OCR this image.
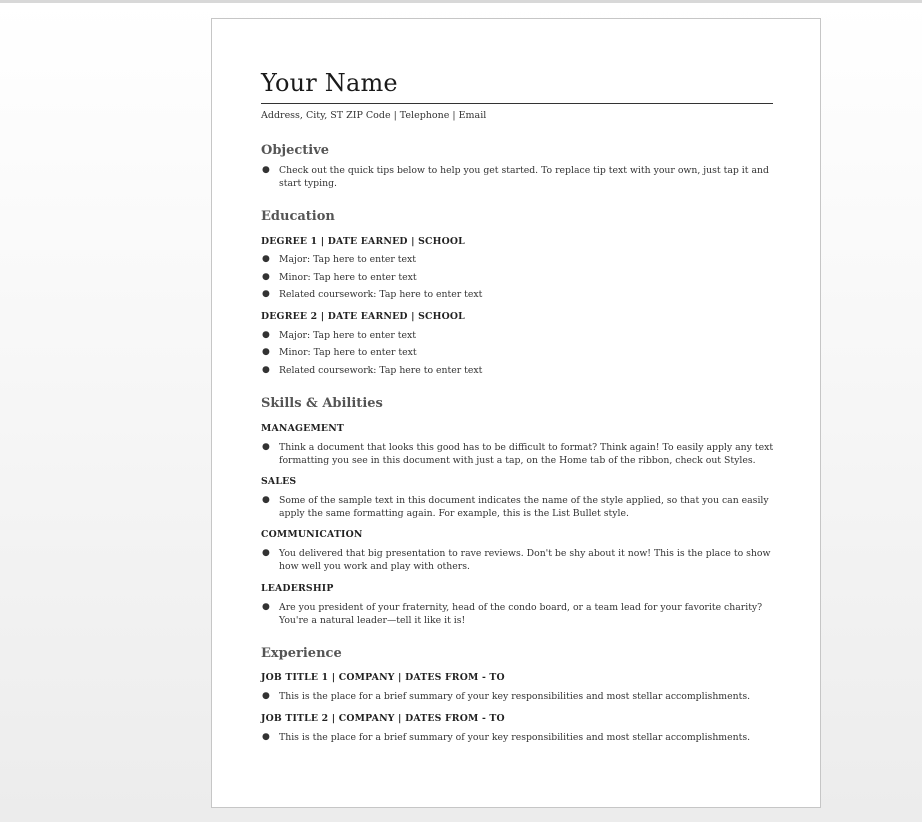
Your Name
Address, City, ST ZIP Code | Telephone | Email
Objective
● Check out the quick tips below to help you get started. To replace tip text with your own, just tap it and start typing.
Education
DEGREE 1 | DATE EARNED | SCHOOL
● Major: Tap here to enter text
● Minor: Tap here to enter text
● Related coursework: Tap here to enter text
DEGREE 2 | DATE EARNED | SCHOOL
● Major: Tap here to enter text
● Minor: Tap here to enter text
● Related coursework: Tap here to enter text
Skills & Abilities
MANAGEMENT
● Think a document that looks this good has to be difficult to format? Think again! To easily apply any text formatting you see in this document with just a tap, on the Home tab of the ribbon, check out Styles.
SALES
● Some of the sample text in this document indicates the name of the style applied, so that you can easily apply the same formatting again. For example, this is the List Bullet style.
COMMUNICATION
● You delivered that big presentation to rave reviews. Don't be shy about it now! This is the place to show how well you work and play with others.
LEADERSHIP
● Are you president of your fraternity, head of the condo board, or a team lead for your favorite charity? You're a natural leader—tell it like it is!
Experience
JOB TITLE 1 | COMPANY | DATES FROM - TO
● This is the place for a brief summary of your key responsibilities and most stellar accomplishments.
JOB TITLE 2 | COMPANY | DATES FROM - TO
● This is the place for a brief summary of your key responsibilities and most stellar accomplishments.
